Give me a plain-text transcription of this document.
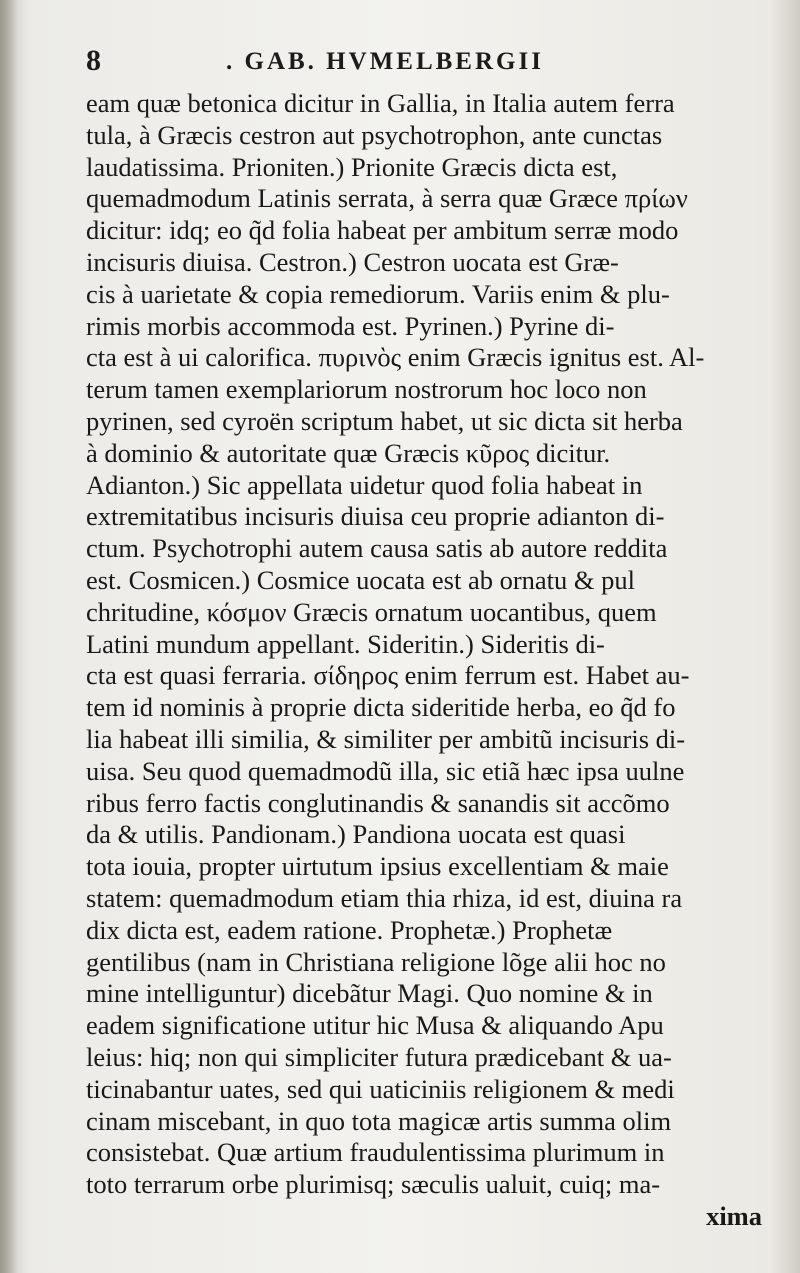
8	. GAB. HVMELBERGII
eam quæ betonica dicitur in Gallia, in Italia autem ferra
tula, à Græcis cestron aut psychotrophon, ante cunctas
laudatissima. Prioniten.) Prionite Græcis dicta est,
quemadmodum Latinis serrata, à serra quæ Græce πρίων
dicitur: idq; eo q̃d folia habeat per ambitum serræ modo
incisuris diuisa. Cestron.) Cestron uocata est Græ-
cis à uarietate & copia remediorum. Variis enim & plu-
rimis morbis accommoda est. Pyrinen.) Pyrine di-
cta est à ui calorifica. πυρινὸς enim Græcis ignitus est. Al-
terum tamen exemplariorum nostrorum hoc loco non
pyrinen, sed cyroën scriptum habet, ut sic dicta sit herba
à dominio & autoritate quæ Græcis κῦρος dicitur.
Adianton.) Sic appellata uidetur quod folia habeat in
extremitatibus incisuris diuisa ceu proprie adianton di-
ctum. Psychotrophi autem causa satis ab autore reddita
est. Cosmicen.) Cosmice uocata est ab ornatu & pul
chritudine, κόσμον Græcis ornatum uocantibus, quem
Latini mundum appellant. Sideritin.) Sideritis di-
cta est quasi ferraria. σίδηρος enim ferrum est. Habet au-
tem id nominis à proprie dicta sideritide herba, eo q̃d fo
lia habeat illi similia, & similiter per ambitũ incisuris di-
uisa. Seu quod quemadmodũ illa, sic etiã hæc ipsa uulne
ribus ferro factis conglutinandis & sanandis sit accõmo
da & utilis. Pandionam.) Pandiona uocata est quasi
tota iouia, propter uirtutum ipsius excellentiam & maie
statem: quemadmodum etiam thia rhiza, id est, diuina ra
dix dicta est, eadem ratione. Prophetæ.) Prophetæ
gentilibus (nam in Christiana religione lõge alii hoc no
mine intelliguntur) dicebãtur Magi. Quo nomine & in
eadem significatione utitur hic Musa & aliquando Apu
leius: hiq; non qui simpliciter futura prædicebant & ua-
ticinabantur uates, sed qui uaticiniis religionem & medi
cinam miscebant, in quo tota magicæ artis summa olim
consistebat. Quæ artium fraudulentissima plurimum in
toto terrarum orbe plurimisq; sæculis ualuit, cuiq; ma-
xima
